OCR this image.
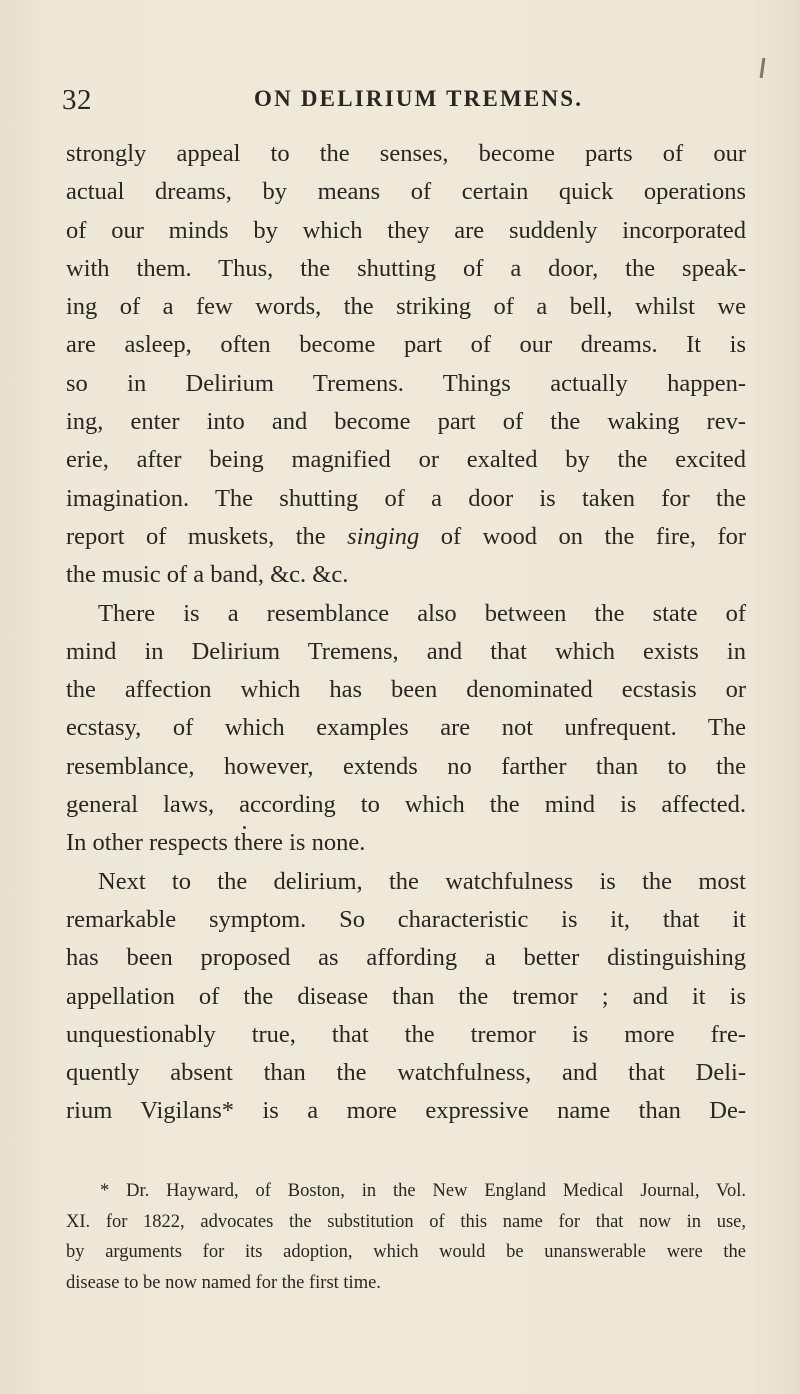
32	ON DELIRIUM TREMENS.
strongly appeal to the senses, become parts of our
actual dreams, by means of certain quick operations
of our minds by which they are suddenly incorporated
with them. Thus, the shutting of a door, the speak-
ing of a few words, the striking of a bell, whilst we
are asleep, often become part of our dreams. It is
so in Delirium Tremens. Things actually happen-
ing, enter into and become part of the waking rev-
erie, after being magnified or exalted by the excited
imagination. The shutting of a door is taken for the
report of muskets, the singing of wood on the fire, for
the music of a band, &c. &c.
There is a resemblance also between the state of
mind in Delirium Tremens, and that which exists in
the affection which has been denominated ecstasis or
ecstasy, of which examples are not unfrequent. The
resemblance, however, extends no farther than to the
general laws, according to which the mind is affected.
In other respects there is none.
Next to the delirium, the watchfulness is the most
remarkable symptom. So characteristic is it, that it
has been proposed as affording a better distinguishing
appellation of the disease than the tremor ; and it is
unquestionably true, that the tremor is more fre-
quently absent than the watchfulness, and that Deli-
rium Vigilans* is a more expressive name than De-
* Dr. Hayward, of Boston, in the New England Medical Journal, Vol.
XI. for 1822, advocates the substitution of this name for that now in use,
by arguments for its adoption, which would be unanswerable were the
disease to be now named for the first time.
